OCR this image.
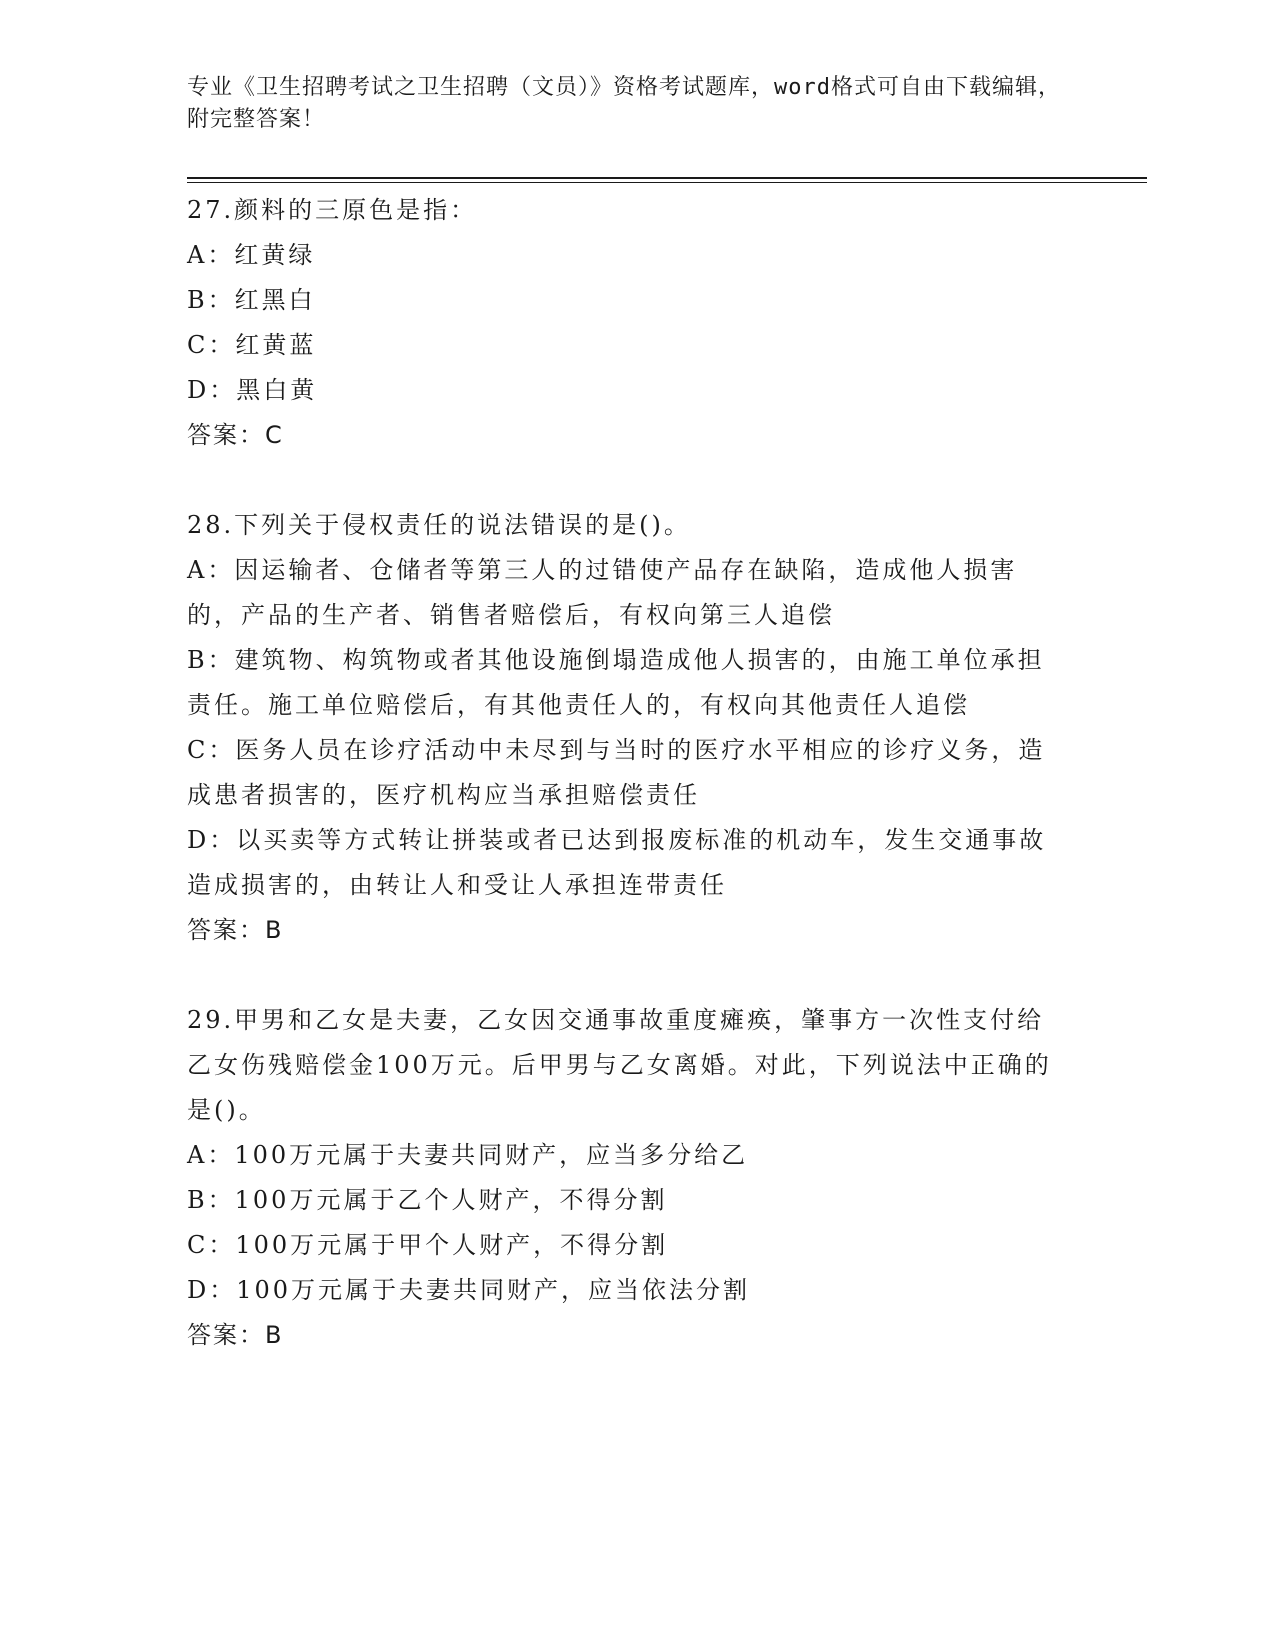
专业《卫生招聘考试之卫生招聘（文员）》资格考试题库，word格式可自由下载编辑，附完整答案！

27.颜料的三原色是指：

A：红黄绿

B：红黑白

C：红黄蓝

D：黑白黄

答案：C

28.下列关于侵权责任的说法错误的是()。

A：因运输者、仓储者等第三人的过错使产品存在缺陷，造成他人损害的，产品的生产者、销售者赔偿后，有权向第三人追偿

B：建筑物、构筑物或者其他设施倒塌造成他人损害的，由施工单位承担责任。施工单位赔偿后，有其他责任人的，有权向其他责任人追偿

C：医务人员在诊疗活动中未尽到与当时的医疗水平相应的诊疗义务，造成患者损害的，医疗机构应当承担赔偿责任

D：以买卖等方式转让拼装或者已达到报废标准的机动车，发生交通事故造成损害的，由转让人和受让人承担连带责任

答案：B

29.甲男和乙女是夫妻，乙女因交通事故重度瘫痪，肇事方一次性支付给乙女伤残赔偿金100万元。后甲男与乙女离婚。对此，下列说法中正确的是()。

A：100万元属于夫妻共同财产，应当多分给乙

B：100万元属于乙个人财产，不得分割

C：100万元属于甲个人财产，不得分割

D：100万元属于夫妻共同财产，应当依法分割

答案：B
